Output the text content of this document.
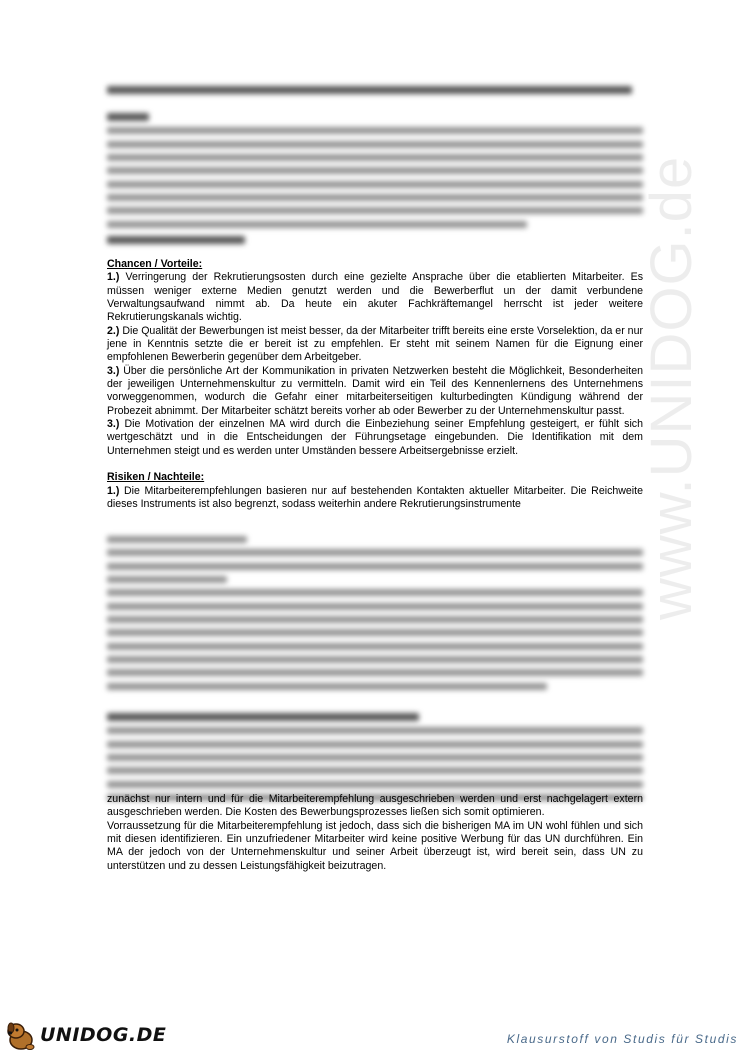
Chancen / Vorteile:

1.) Verringerung der Rekrutierungsosten durch eine gezielte Ansprache über die etablierten Mitarbeiter. Es müssen weniger externe Medien genutzt werden und die Bewerberflut un der damit verbundene Verwaltungsaufwand nimmt ab. Da heute ein akuter Fachkräftemangel herrscht ist jeder weitere Rekrutierungskanals wichtig.

2.) Die Qualität der Bewerbungen ist meist besser, da der Mitarbeiter trifft bereits eine erste Vorselektion, da er nur jene in Kenntnis setzte die er bereit ist zu empfehlen. Er steht mit seinem Namen für die Eignung einer empfohlenen Bewerberin gegenüber dem Arbeitgeber.

3.) Über die persönliche Art der Kommunikation in privaten Netzwerken besteht die Möglichkeit, Besonderheiten der jeweiligen Unternehmenskultur zu vermitteln. Damit wird ein Teil des Kennenlernens des Unternehmens vorweggenommen, wodurch die Gefahr einer mitarbeiterseitigen kulturbedingten Kündigung während der Probezeit abnimmt. Der Mitarbeiter schätzt bereits vorher ab oder Bewerber zu der Unternehmenskultur passt.

3.) Die Motivation der einzelnen MA wird durch die Einbeziehung seiner Empfehlung gesteigert, er fühlt sich wertgeschätzt und in die Entscheidungen der Führungsetage eingebunden. Die Identifikation mit dem Unternehmen steigt und es werden unter Umständen bessere Arbeitsergebnisse erzielt.

Risiken / Nachteile:

1.) Die Mitarbeiterempfehlungen basieren nur auf bestehenden Kontakten aktueller Mitarbeiter. Die Reichweite dieses Instruments ist also begrenzt, sodass weiterhin andere Rekrutierungsinstrumente

zunächst nur intern und für die Mitarbeiterempfehlung ausgeschrieben werden und erst nachgelagert extern ausgeschrieben werden. Die Kosten des Bewerbungsprozesses ließen sich somit optimieren.

Vorraussetzung für die Mitarbeiterempfehlung ist jedoch, dass sich die bisherigen MA im UN wohl fühlen und sich mit diesen identifizieren. Ein unzufriedener Mitarbeiter wird keine positive Werbung für das UN durchführen. Ein MA der jedoch von der Unternehmenskultur und seiner Arbeit überzeugt ist, wird bereit sein, dass UN zu unterstützen und zu dessen Leistungsfähigkeit beizutragen.

www.UNIDOG.de
UNIDOG.DE	Klausurstoff von Studis für Studis
